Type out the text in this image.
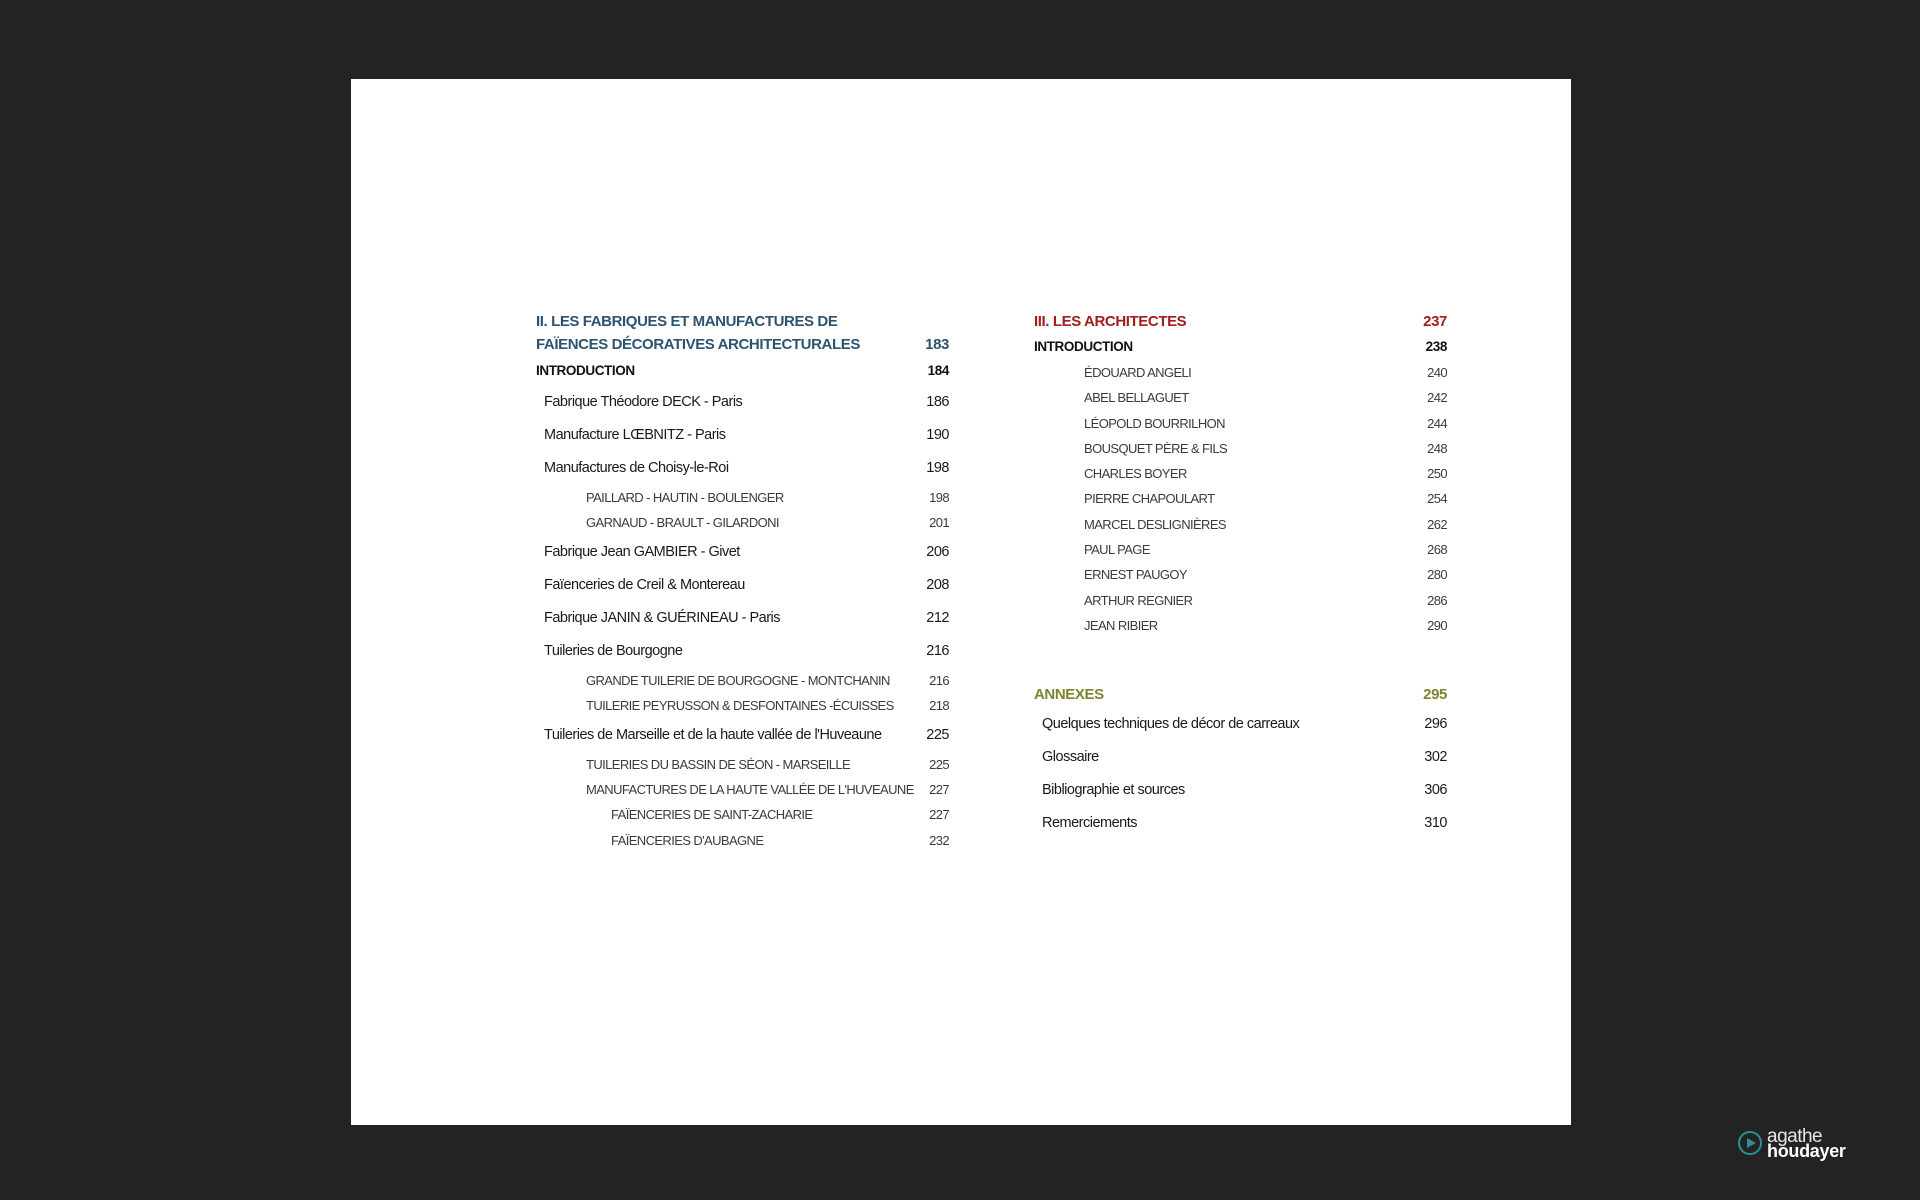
II. LES FABRIQUES ET MANUFACTURES DE FAÏENCES DÉCORATIVES ARCHITECTURALES	183
INTRODUCTION	184
Fabrique Théodore DECK - Paris	186
Manufacture LŒBNITZ - Paris	190
Manufactures de Choisy-le-Roi	198
PAILLARD - HAUTIN - BOULENGER	198
GARNAUD - BRAULT - GILARDONI	201
Fabrique Jean GAMBIER - Givet	206
Faïenceries de Creil & Montereau	208
Fabrique JANIN & GUÉRINEAU - Paris	212
Tuileries de Bourgogne	216
GRANDE TUILERIE DE BOURGOGNE - MONTCHANIN	216
TUILERIE PEYRUSSON & DESFONTAINES -ÉCUISSES	218
Tuileries de Marseille et de la haute vallée de l'Huveaune	225
TUILERIES DU BASSIN DE SÉON - MARSEILLE	225
MANUFACTURES DE LA HAUTE VALLÉE DE L'HUVEAUNE 227
FAÏENCERIES DE SAINT-ZACHARIE	227
FAÏENCERIES D'AUBAGNE	232
III. LES ARCHITECTES	237
INTRODUCTION	238
ÉDOUARD ANGELI	240
ABEL BELLAGUET	242
LÉOPOLD BOURRILHON	244
BOUSQUET PÈRE & FILS	248
CHARLES BOYER	250
PIERRE CHAPOULART	254
MARCEL DESLIGNIÈRES	262
PAUL PAGE	268
ERNEST PAUGOY	280
ARTHUR REGNIER	286
JEAN RIBIER	290
ANNEXES	295
Quelques techniques de décor de carreaux	296
Glossaire	302
Bibliographie et sources	306
Remerciements	310
agathe
houdayer
